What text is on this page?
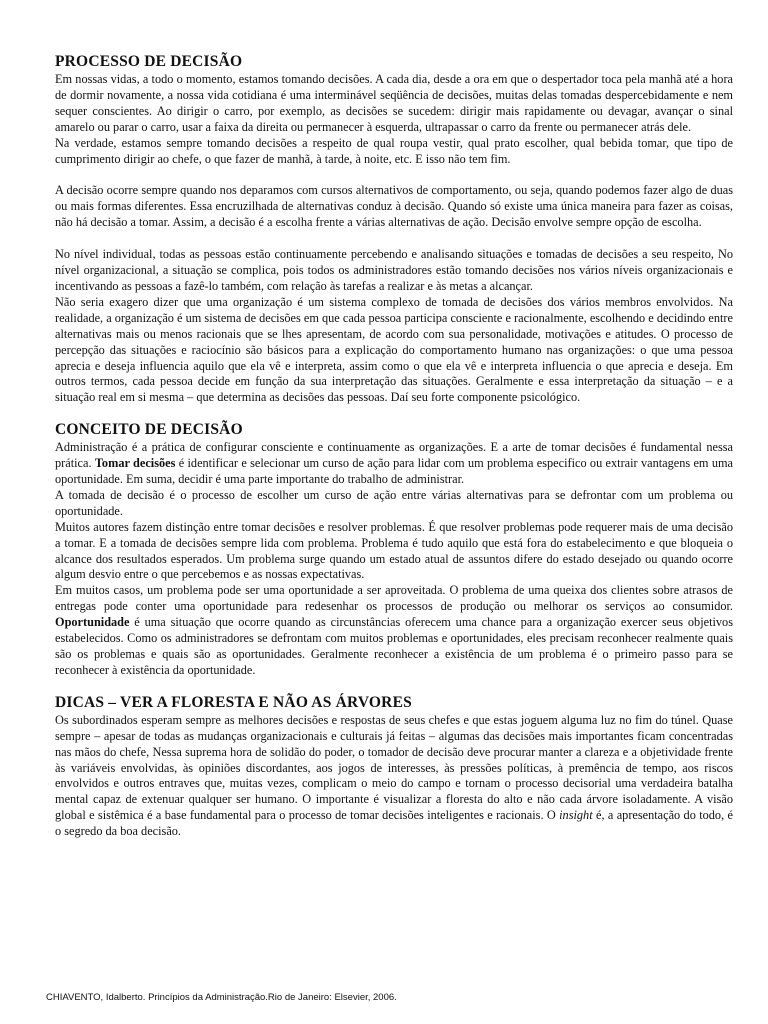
PROCESSO DE DECISÃO

Em nossas vidas, a todo o momento, estamos tomando decisões. A cada dia, desde a ora em que o despertador toca pela manhã até a hora de dormir novamente, a nossa vida cotidiana é uma interminável seqüência de decisões, muitas delas tomadas despercebidamente e nem sequer conscientes. Ao dirigir o carro, por exemplo, as decisões se sucedem: dirigir mais rapidamente ou devagar, avançar o sinal amarelo ou parar o carro, usar a faixa da direita ou permanecer à esquerda, ultrapassar o carro da frente ou permanecer atrás dele.

Na verdade, estamos sempre tomando decisões a respeito de qual roupa vestir, qual prato escolher, qual bebida tomar, que tipo de cumprimento dirigir ao chefe, o que fazer de manhã, à tarde, à noite, etc. E isso não tem fim.

A decisão ocorre sempre quando nos deparamos com cursos alternativos de comportamento, ou seja, quando podemos fazer algo de duas ou mais formas diferentes. Essa encruzilhada de alternativas conduz à decisão. Quando só existe uma única maneira para fazer as coisas, não há decisão a tomar. Assim, a decisão é a escolha frente a várias alternativas de ação. Decisão envolve sempre opção de escolha.

No nível individual, todas as pessoas estão continuamente percebendo e analisando situações e tomadas de decisões a seu respeito, No nível organizacional, a situação se complica, pois todos os administradores estão tomando decisões nos vários níveis organizacionais e incentivando as pessoas a fazê-lo também, com relação às tarefas a realizar e às metas a alcançar.

Não seria exagero dizer que uma organização é um sistema complexo de tomada de decisões dos vários membros envolvidos. Na realidade, a organização é um sistema de decisões em que cada pessoa participa consciente e racionalmente, escolhendo e decidindo entre alternativas mais ou menos racionais que se lhes apresentam, de acordo com sua personalidade, motivações e atitudes. O processo de percepção das situações e raciocínio são básicos para a explicação do comportamento humano nas organizações: o que uma pessoa aprecia e deseja influencia aquilo que ela vê e interpreta, assim como o que ela vê e interpreta influencia o que aprecia e deseja. Em outros termos, cada pessoa decide em função da sua interpretação das situações. Geralmente e essa interpretação da situação – e a situação real em si mesma – que determina as decisões das pessoas. Daí seu forte componente psicológico.

CONCEITO DE DECISÃO

Administração é a prática de configurar consciente e continuamente as organizações. E a arte de tomar decisões é fundamental nessa prática. Tomar decisões é identificar e selecionar um curso de ação para lidar com um problema especifico ou extrair vantagens em uma oportunidade. Em suma, decidir é uma parte importante do trabalho de administrar.

A tomada de decisão é o processo de escolher um curso de ação entre várias alternativas para se defrontar com um problema ou oportunidade.

Muitos autores fazem distinção entre tomar decisões e resolver problemas. É que resolver problemas pode requerer mais de uma decisão a tomar. E a tomada de decisões sempre lida com problema. Problema é tudo aquilo que está fora do estabelecimento e que bloqueia o alcance dos resultados esperados. Um problema surge quando um estado atual de assuntos difere do estado desejado ou quando ocorre algum desvio entre o que percebemos e as nossas expectativas.

Em muitos casos, um problema pode ser uma oportunidade a ser aproveitada. O problema de uma queixa dos clientes sobre atrasos de entregas pode conter uma oportunidade para redesenhar os processos de produção ou melhorar os serviços ao consumidor. Oportunidade é uma situação que ocorre quando as circunstâncias oferecem uma chance para a organização exercer seus objetivos estabelecidos. Como os administradores se defrontam com muitos problemas e oportunidades, eles precisam reconhecer realmente quais são os problemas e quais são as oportunidades. Geralmente reconhecer a existência de um problema é o primeiro passo para se reconhecer à existência da oportunidade.

DICAS – VER A FLORESTA E NÃO AS ÁRVORES

Os subordinados esperam sempre as melhores decisões e respostas de seus chefes e que estas joguem alguma luz no fim do túnel. Quase sempre – apesar de todas as mudanças organizacionais e culturais já feitas – algumas das decisões mais importantes ficam concentradas nas mãos do chefe, Nessa suprema hora de solidão do poder, o tomador de decisão deve procurar manter a clareza e a objetividade frente às variáveis envolvidas, às opiniões discordantes, aos jogos de interesses, às pressões políticas, à premência de tempo, aos riscos envolvidos e outros entraves que, muitas vezes, complicam o meio do campo e tornam o processo decisorial uma verdadeira batalha mental capaz de extenuar qualquer ser humano. O importante é visualizar a floresta do alto e não cada árvore isoladamente. A visão global e sistêmica é a base fundamental para o processo de tomar decisões inteligentes e racionais. O insight é, a apresentação do todo, é o segredo da boa decisão.

CHIAVENTO, Idalberto. Princípios da Administração.Rio de Janeiro: Elsevier, 2006.
